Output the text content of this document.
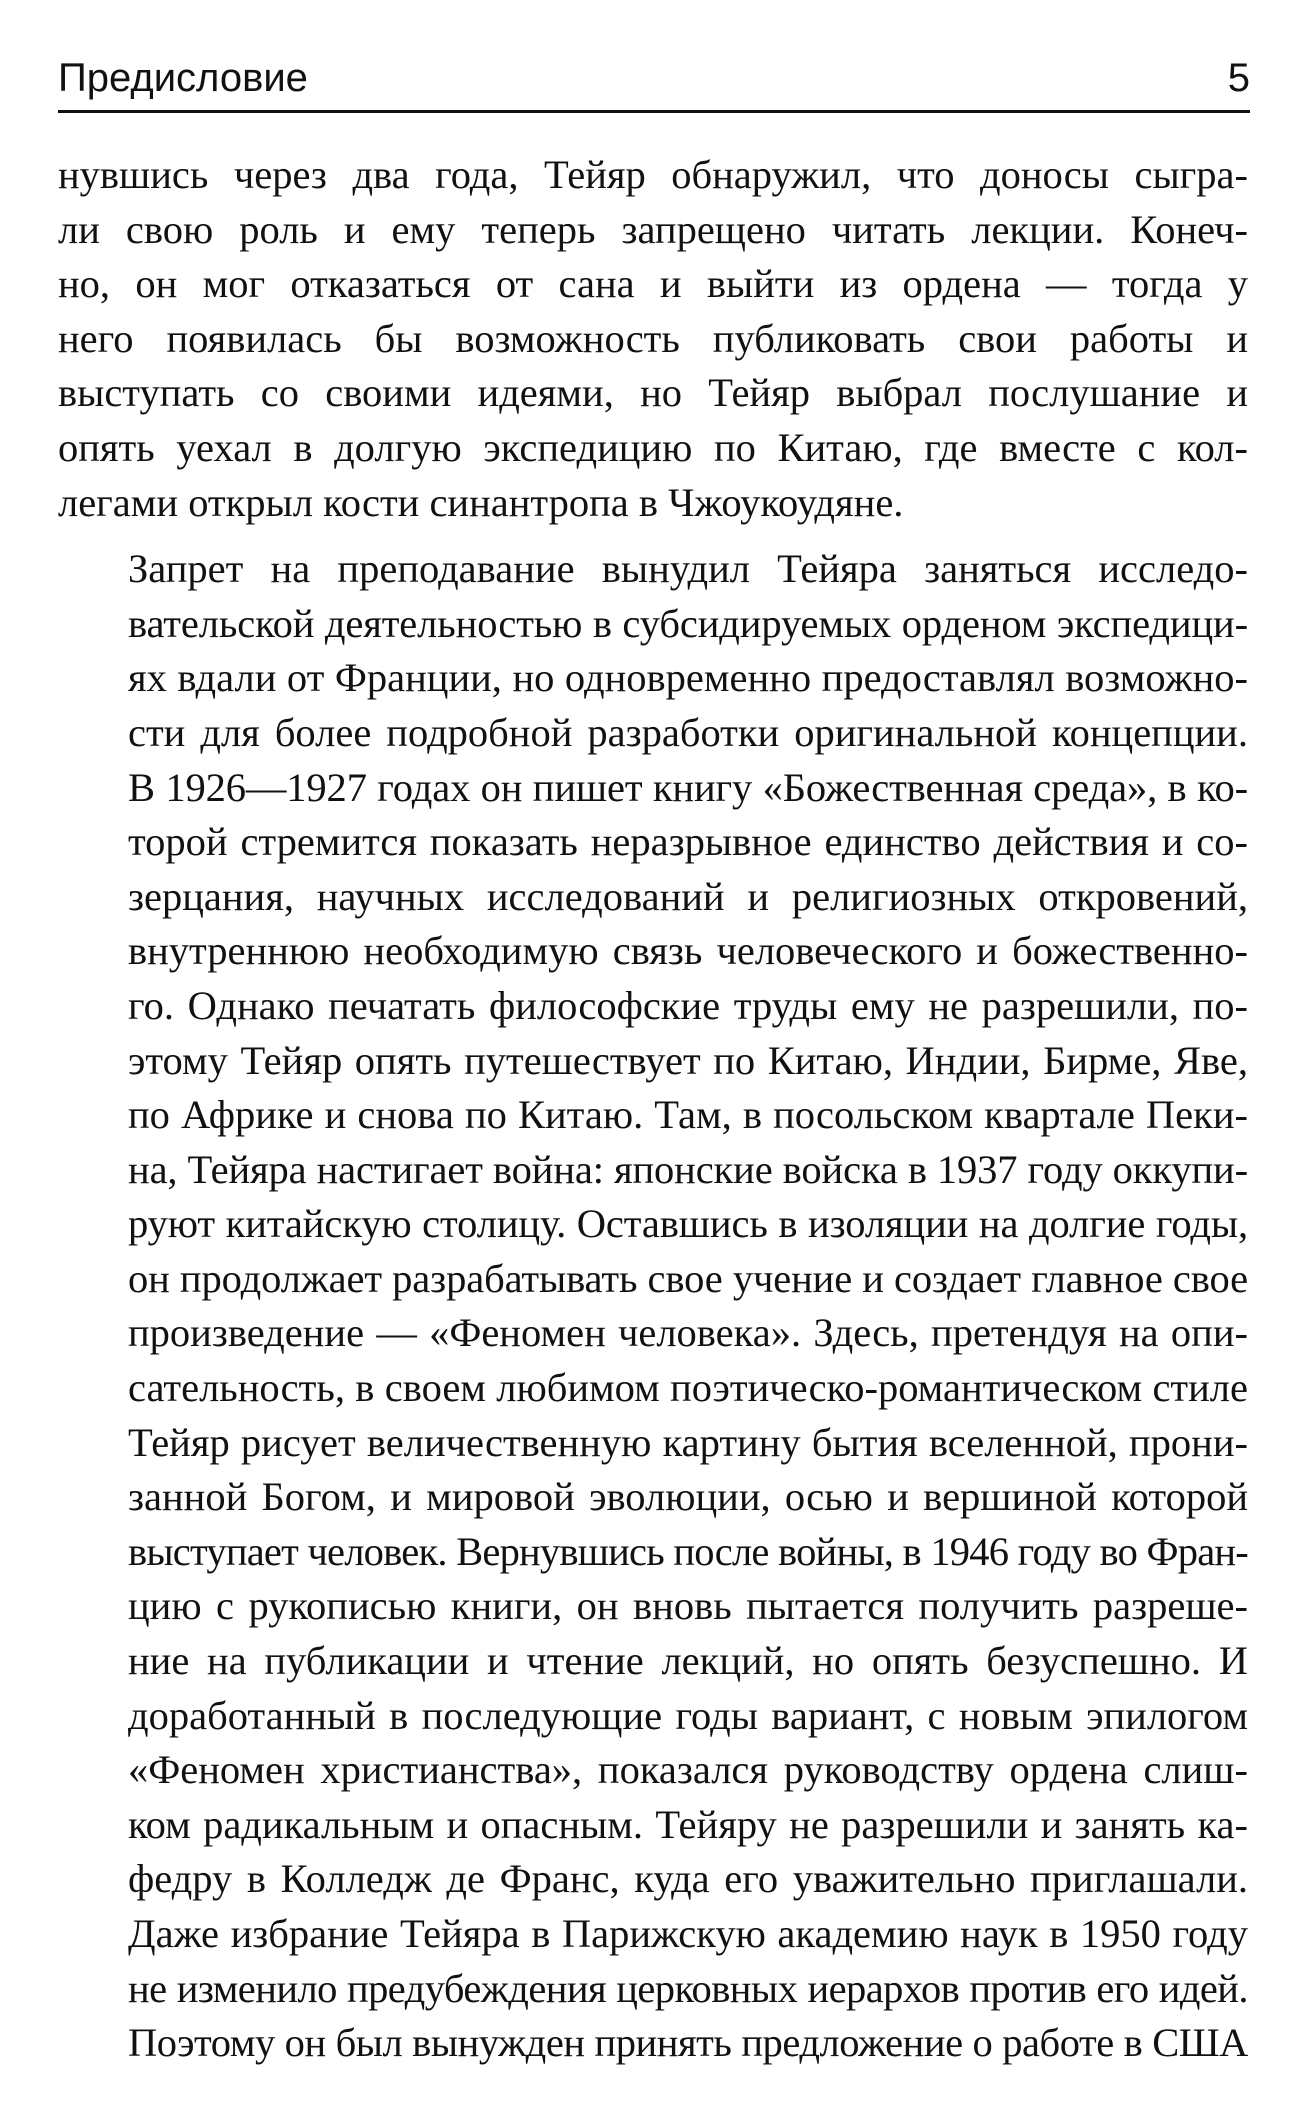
Предисловие	5

нувшись через два года, Тейяр обнаружил, что доносы сыгра-
ли свою роль и ему теперь запрещено читать лекции. Конеч-
но, он мог отказаться от сана и выйти из ордена — тогда у
него появилась бы возможность публиковать свои работы и
выступать со своими идеями, но Тейяр выбрал послушание и
опять уехал в долгую экспедицию по Китаю, где вместе с кол-
легами открыл кости синантропа в Чжоукоудяне.

Запрет на преподавание вынудил Тейяра заняться исследо-
вательской деятельностью в субсидируемых орденом экспедици-
ях вдали от Франции, но одновременно предоставлял возможно-
сти для более подробной разработки оригинальной концепции.
В 1926—1927 годах он пишет книгу «Божественная среда», в ко-
торой стремится показать неразрывное единство действия и со-
зерцания, научных исследований и религиозных откровений,
внутреннюю необходимую связь человеческого и божественно-
го. Однако печатать философские труды ему не разрешили, по-
этому Тейяр опять путешествует по Китаю, Индии, Бирме, Яве,
по Африке и снова по Китаю. Там, в посольском квартале Пеки-
на, Тейяра настигает война: японские войска в 1937 году оккупи-
руют китайскую столицу. Оставшись в изоляции на долгие годы,
он продолжает разрабатывать свое учение и создает главное свое
произведение — «Феномен человека». Здесь, претендуя на опи-
сательность, в своем любимом поэтическо-романтическом стиле
Тейяр рисует величественную картину бытия вселенной, прони-
занной Богом, и мировой эволюции, осью и вершиной которой
выступает человек. Вернувшись после войны, в 1946 году во Фран-
цию с рукописью книги, он вновь пытается получить разреше-
ние на публикации и чтение лекций, но опять безуспешно. И
доработанный в последующие годы вариант, с новым эпилогом
«Феномен христианства», показался руководству ордена слиш-
ком радикальным и опасным. Тейяру не разрешили и занять ка-
федру в Колледж де Франс, куда его уважительно приглашали.
Даже избрание Тейяра в Парижскую академию наук в 1950 году
не изменило предубеждения церковных иерархов против его идей.
Поэтому он был вынужден принять предложение о работе в США
